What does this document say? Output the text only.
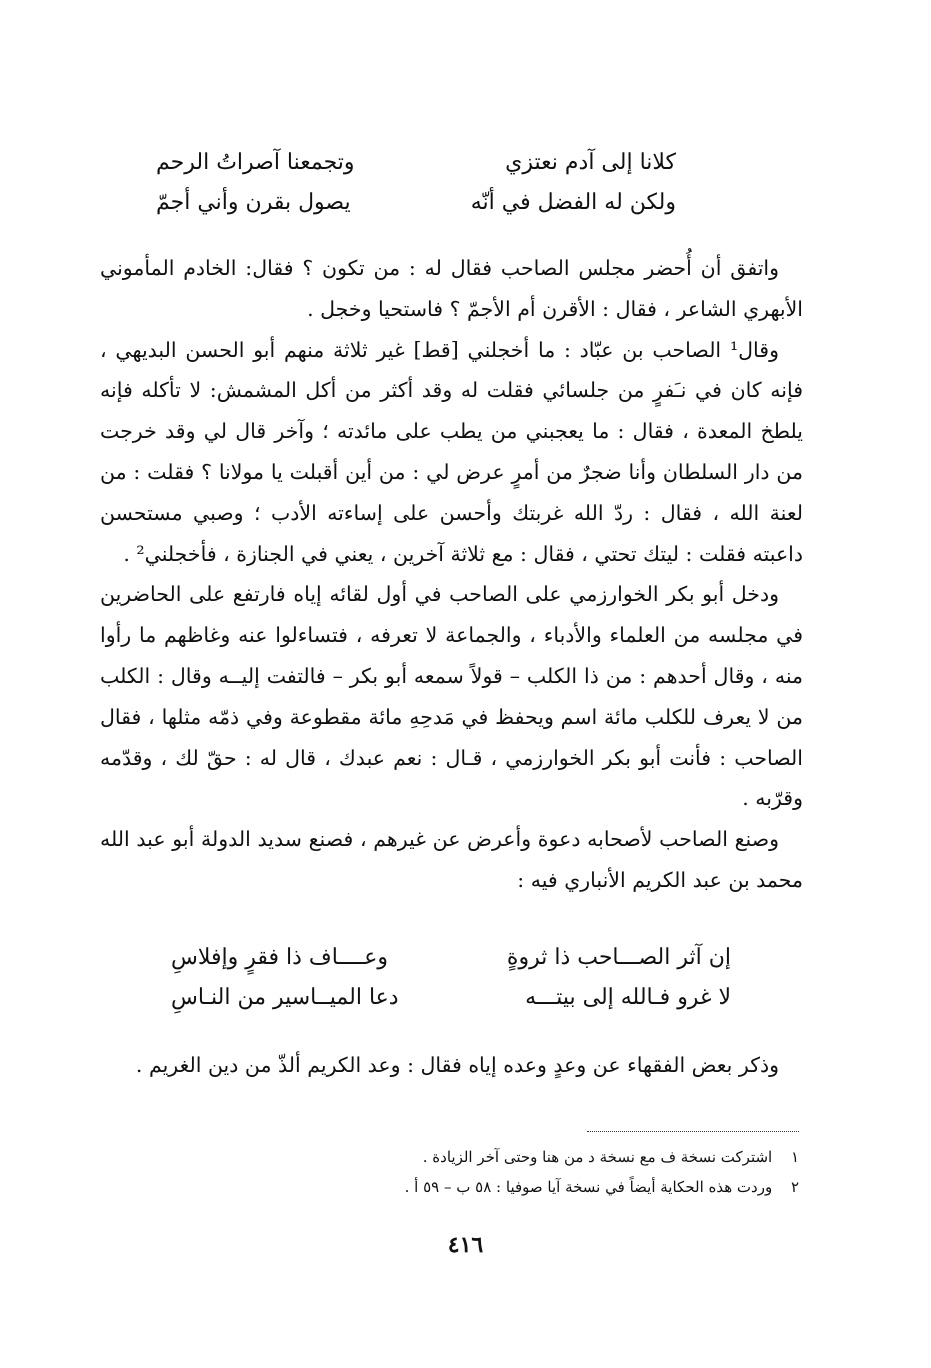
كلانا إلى آدم نعتزي
وتجمعنا آصراتُ الرحم
ولكن له الفضل في أنّه
يصول بقرن وأني أجمّ

واتفق أن أُحضر مجلس الصاحب فقال له : من تكون ؟ فقال: الخادم المأموني الأبهري الشاعر ، فقال : الأقرن أم الأجمّ ؟ فاستحيا وخجل .

وقال¹ الصاحب بن عبّاد : ما أخجلني [قط] غير ثلاثة منهم أبو الحسن البديهي ، فإنه كان في نـَفرٍ من جلسائي فقلت له وقد أكثر من أكل المشمش: لا تأكله فإنه يلطخ المعدة ، فقال : ما يعجبني من يطب على مائدته ؛ وآخر قال لي وقد خرجت من دار السلطان وأنا ضجرٌ من أمرٍ عرض لي : من أين أقبلت يا مولانا ؟ فقلت : من لعنة الله ، فقال : ردّ الله غربتك وأحسن على إساءته الأدب ؛ وصبي مستحسن داعبته فقلت : ليتك تحتي ، فقال : مع ثلاثة آخرين ، يعني في الجنازة ، فأخجلني² .

ودخل أبو بكر الخوارزمي على الصاحب في أول لقائه إياه فارتفع على الحاضرين في مجلسه من العلماء والأدباء ، والجماعة لا تعرفه ، فتساءلوا عنه وغاظهم ما رأوا منه ، وقال أحدهم : من ذا الكلب – قولاً سمعه أبو بكر – فالتفت إليــه وقال : الكلب من لا يعرف للكلب مائة اسم ويحفظ في مَدحِهِ مائة مقطوعة وفي ذمّه مثلها ، فقال الصاحب : فأنت أبو بكر الخوارزمي ، قـال : نعم عبدك ، قال له : حقّ لك ، وقدّمه وقرّبه .

وصنع الصاحب لأصحابه دعوة وأعرض عن غيرهم ، فصنع سديد الدولة أبو عبد الله محمد بن عبد الكريم الأنباري فيه :

إن آثر الصـــاحب ذا ثروةٍ
وعــــاف ذا فقرٍ وإفلاسِ
لا غرو فـالله إلى بيتـــه
دعا الميــاسير من النـاسِ

وذكر بعض الفقهاء عن وعدٍ وعده إياه فقال : وعد الكريم ألذّ من دين الغريم .

١ اشتركت نسخة ف مع نسخة د من هنا وحتى آخر الزيادة .
٢ وردت هذه الحكاية أيضاً في نسخة آيا صوفيا : ٥٨ ب – ٥٩ أ .
٤١٦
